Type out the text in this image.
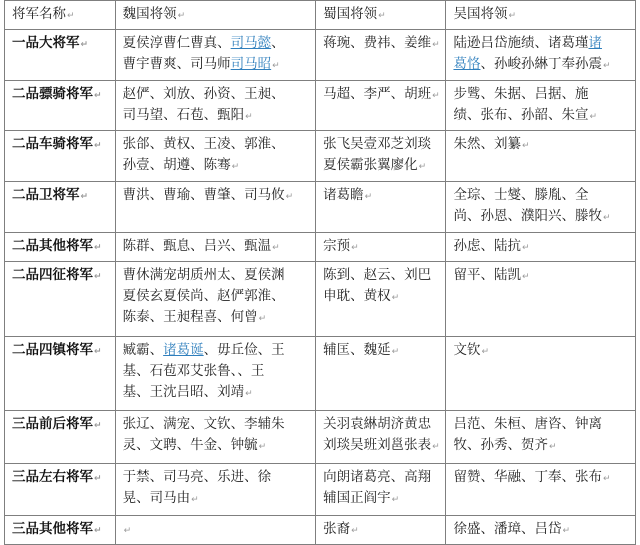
将军名称↵	魏国将领↵	蜀国将领↵	吴国将领↵
一品大将军↵	夏侯淳曹仁曹真、司马懿、
曹宇曹爽、司马师司马昭↵	蒋琬、费祎、姜维↵	陆逊吕岱施绩、诸葛瑾诸
葛恪、孙峻孙綝丁奉孙震↵

二品骠骑将军↵	赵俨、刘放、孙资、王昶、
司马望、石苞、甄阳↵	马超、李严、胡班↵	步骘、朱据、吕据、施
绩、张布、孙韶、朱宣↵

二品车骑将军↵	张郃、黄权、王凌、郭淮、
孙壹、胡遵、陈骞↵	张飞吴壹邓芝刘琰
夏侯霸张翼廖化↵	朱然、刘纂↵

二品卫将军↵	曹洪、曹瑜、曹肇、司马攸↵	诸葛瞻↵	全琮、士燮、滕胤、全
尚、孙恩、濮阳兴、滕牧↵

二品其他将军↵	陈群、甄息、吕兴、甄温↵	宗预↵	孙虑、陆抗↵

二品四征将军↵	曹休满宠胡质州太、夏侯渊
夏侯玄夏侯尚、赵俨郭淮、
陈泰、王昶程喜、何曾↵	陈到、赵云、刘巴
申耽、黄权↵	留平、陆凯↵

二品四镇将军↵	臧霸、诸葛诞、毋丘俭、王
基、石苞邓艾张鲁、、王
基、王沈吕昭、刘靖↵	辅匡、魏延↵	文钦↵

三品前后将军↵	张辽、满宠、文钦、李辅朱
灵、文聘、牛金、钟毓↵	关羽袁綝胡济黄忠
刘琰吴班刘邕张表↵	吕范、朱桓、唐咨、钟离
牧、孙秀、贺齐↵

三品左右将军↵	于禁、司马亮、乐进、徐
晃、司马由↵	向朗诸葛亮、高翔
辅国正阎宇↵	留赞、华融、丁奉、张布↵

三品其他将军↵	↵	张裔↵	徐盛、潘璋、吕岱↵
